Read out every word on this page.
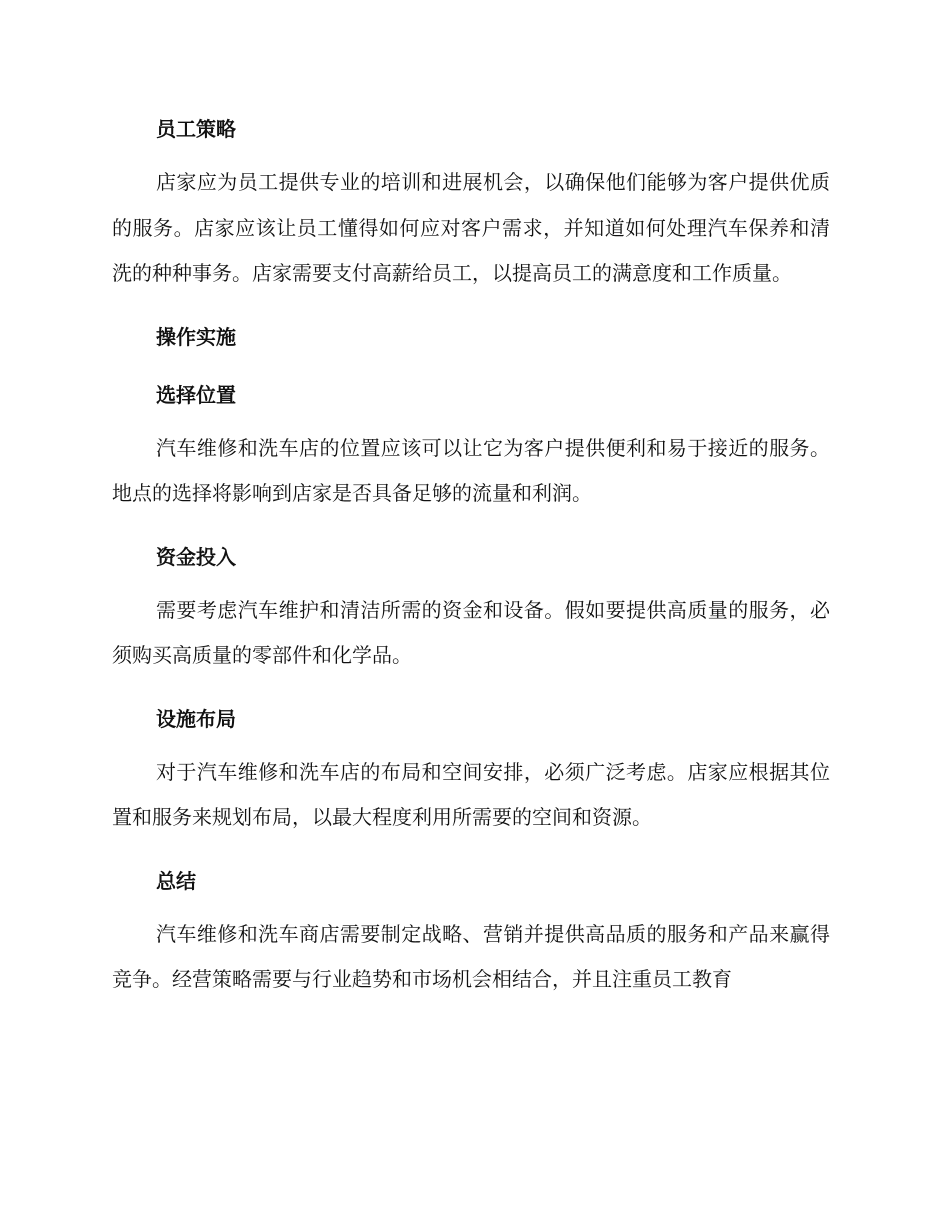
员工策略

店家应为员工提供专业的培训和进展机会，以确保他们能够为客户提供优质的服务。店家应该让员工懂得如何应对客户需求，并知道如何处理汽车保养和清洗的种种事务。店家需要支付高薪给员工，以提高员工的满意度和工作质量。

操作实施
选择位置

汽车维修和洗车店的位置应该可以让它为客户提供便利和易于接近的服务。地点的选择将影响到店家是否具备足够的流量和利润。

资金投入

需要考虑汽车维护和清洁所需的资金和设备。假如要提供高质量的服务，必须购买高质量的零部件和化学品。

设施布局

对于汽车维修和洗车店的布局和空间安排，必须广泛考虑。店家应根据其位置和服务来规划布局，以最大程度利用所需要的空间和资源。

总结

汽车维修和洗车商店需要制定战略、营销并提供高品质的服务和产品来赢得竞争。经营策略需要与行业趋势和市场机会相结合，并且注重员工教育
